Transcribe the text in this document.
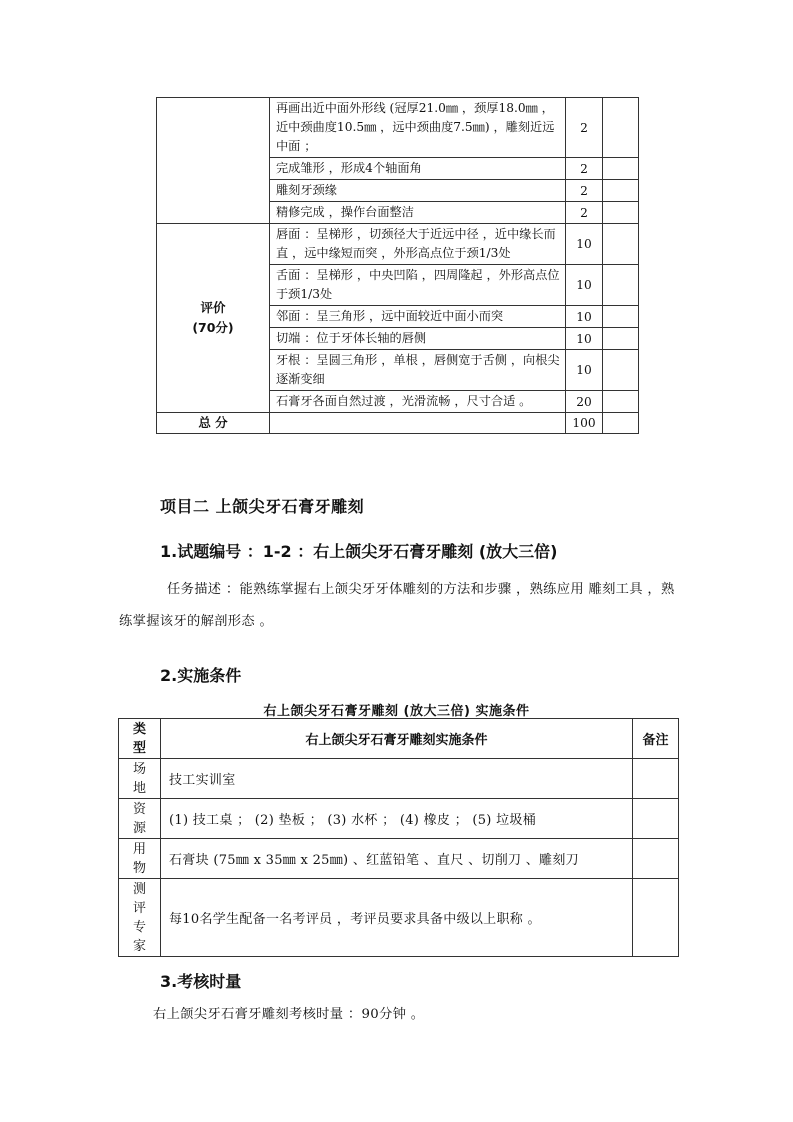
	再画出近中面外形线 (冠厚21.0㎜ ，颈厚18.0㎜ ，近中颈曲度10.5㎜ ，远中颈曲度7.5㎜) ，雕刻近远中面 ；	2	
	完成雏形 ，形成4个轴面角	2	
	雕刻牙颈缘	2	
	精修完成 ，操作台面整洁	2	

评价
(70分)	唇面 ：呈梯形 ，切颈径大于近远中径 ，近中缘长而直 ，远中缘短而突 ，外形高点位于颈1/3处	10	
	舌面 ：呈梯形 ，中央凹陷 ，四周隆起 ，外形高点位于颈1/3处	10	
	邻面 ：呈三角形 ，远中面较近中面小而突	10	
	切端 ：位于牙体长轴的唇侧	10	
	牙根 ：呈圆三角形 ，单根 ，唇侧宽于舌侧 ，向根尖逐渐变细	10	
	石膏牙各面自然过渡 ，光滑流畅 ，尺寸合适 。	20	
总 分		100	
项目二 上颌尖牙石膏牙雕刻
1.试题编号 ：1-2 ：右上颌尖牙石膏牙雕刻 (放大三倍)

任务描述 ：能熟练掌握右上颌尖牙牙体雕刻的方法和步骤 ，熟练应用 雕刻工具 ，熟练掌握该牙的解剖形态 。

2.实施条件
右上颌尖牙石膏牙雕刻 (放大三倍) 实施条件
类
型	右上颌尖牙石膏牙雕刻实施条件	备注

场
地	技工实训室	

资
源	(1) 技工桌 ； (2) 垫板 ； (3) 水杯 ； (4) 橡皮 ； (5) 垃圾桶	

用
物	石膏块 (75㎜ x 35㎜ x 25㎜) 、红蓝铅笔 、直尺 、切削刀 、雕刻刀	

测
评
专
家	每10名学生配备一名考评员 ，考评员要求具备中级以上职称 。	
3.考核时量
右上颌尖牙石膏牙雕刻考核时量 ：90分钟 。
